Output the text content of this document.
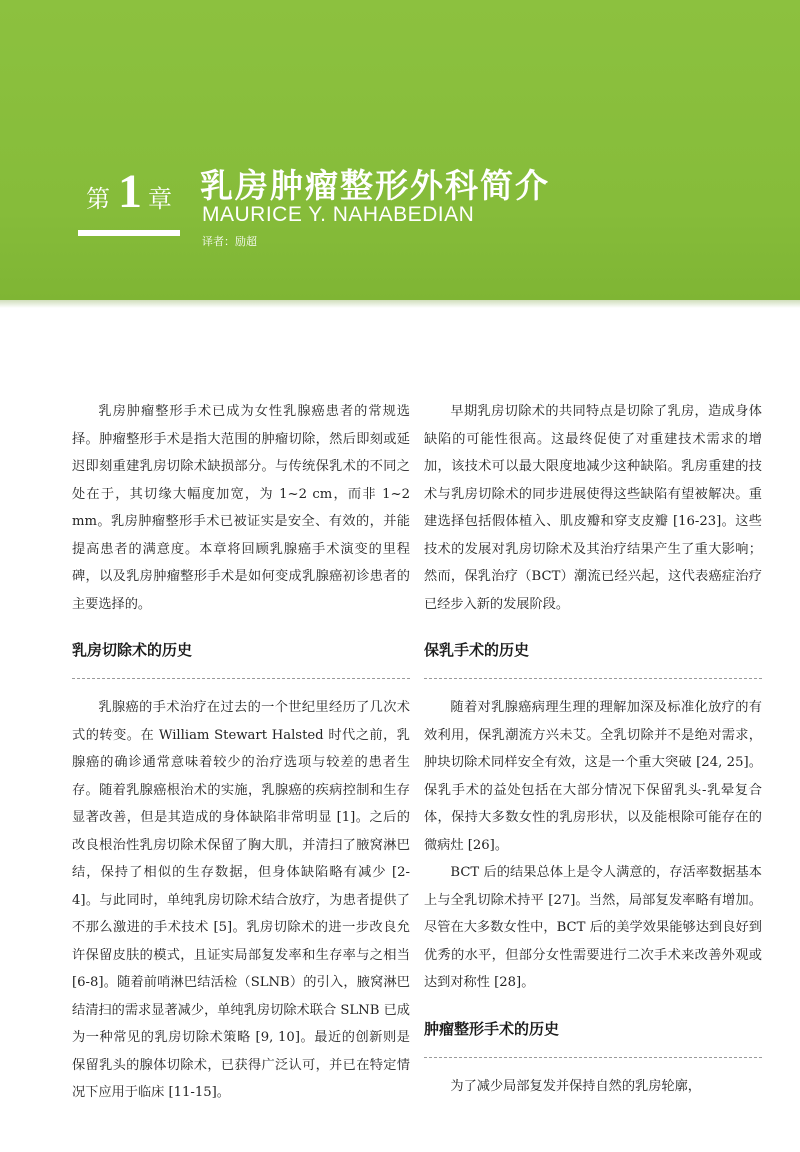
第 1 章 乳房肿瘤整形外科简介
MAURICE Y. NAHABEDIAN
译者：励超

乳房肿瘤整形手术已成为女性乳腺癌患者的常规选择。肿瘤整形手术是指大范围的肿瘤切除，然后即刻或延迟即刻重建乳房切除术缺损部分。与传统保乳术的不同之处在于，其切缘大幅度加宽，为 1~2 cm，而非 1~2 mm。乳房肿瘤整形手术已被证实是安全、有效的，并能提高患者的满意度。本章将回顾乳腺癌手术演变的里程碑，以及乳房肿瘤整形手术是如何变成乳腺癌初诊患者的主要选择的。

乳房切除术的历史

乳腺癌的手术治疗在过去的一个世纪里经历了几次术式的转变。在 William Stewart Halsted 时代之前，乳腺癌的确诊通常意味着较少的治疗选项与较差的患者生存。随着乳腺癌根治术的实施，乳腺癌的疾病控制和生存显著改善，但是其造成的身体缺陷非常明显 [1]。之后的改良根治性乳房切除术保留了胸大肌，并清扫了腋窝淋巴结，保持了相似的生存数据，但身体缺陷略有减少 [2-4]。与此同时，单纯乳房切除术结合放疗，为患者提供了不那么激进的手术技术 [5]。乳房切除术的进一步改良允许保留皮肤的模式，且证实局部复发率和生存率与之相当 [6-8]。随着前哨淋巴结活检（SLNB）的引入，腋窝淋巴结清扫的需求显著减少，单纯乳房切除术联合 SLNB 已成为一种常见的乳房切除术策略 [9, 10]。最近的创新则是保留乳头的腺体切除术，已获得广泛认可，并已在特定情况下应用于临床 [11-15]。

早期乳房切除术的共同特点是切除了乳房，造成身体缺陷的可能性很高。这最终促使了对重建技术需求的增加，该技术可以最大限度地减少这种缺陷。乳房重建的技术与乳房切除术的同步进展使得这些缺陷有望被解决。重建选择包括假体植入、肌皮瓣和穿支皮瓣 [16-23]。这些技术的发展对乳房切除术及其治疗结果产生了重大影响；然而，保乳治疗（BCT）潮流已经兴起，这代表癌症治疗已经步入新的发展阶段。

保乳手术的历史

随着对乳腺癌病理生理的理解加深及标准化放疗的有效利用，保乳潮流方兴未艾。全乳切除并不是绝对需求，肿块切除术同样安全有效，这是一个重大突破 [24, 25]。保乳手术的益处包括在大部分情况下保留乳头-乳晕复合体，保持大多数女性的乳房形状，以及能根除可能存在的微病灶 [26]。

BCT 后的结果总体上是令人满意的，存活率数据基本上与全乳切除术持平 [27]。当然，局部复发率略有增加。尽管在大多数女性中，BCT 后的美学效果能够达到良好到优秀的水平，但部分女性需要进行二次手术来改善外观或达到对称性 [28]。

肿瘤整形手术的历史

为了减少局部复发并保持自然的乳房轮廓，
